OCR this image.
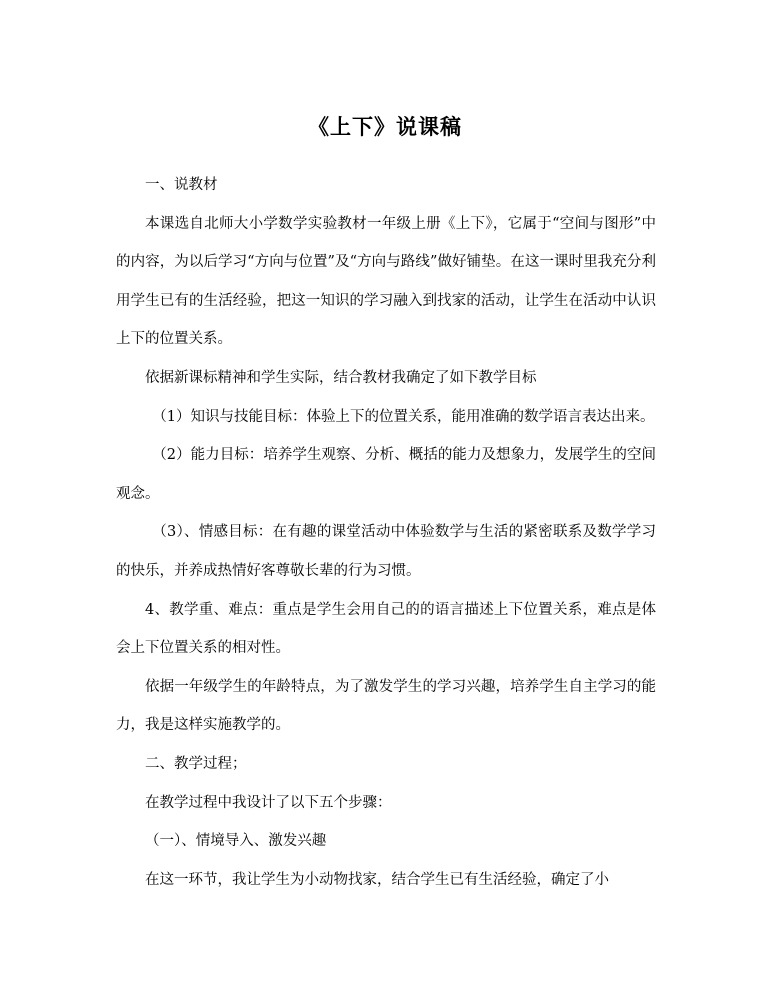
《上下》说课稿

一、说教材

本课选自北师大小学数学实验教材一年级上册《上下》，它属于“空间与图形”中的内容，为以后学习“方向与位置”及“方向与路线”做好铺垫。在这一课时里我充分利用学生已有的生活经验，把这一知识的学习融入到找家的活动，让学生在活动中认识上下的位置关系。

依据新课标精神和学生实际，结合教材我确定了如下教学目标

（1）知识与技能目标：体验上下的位置关系，能用准确的数学语言表达出来。

（2）能力目标：培养学生观察、分析、概括的能力及想象力，发展学生的空间观念。

（3）、情感目标：在有趣的课堂活动中体验数学与生活的紧密联系及数学学习的快乐，并养成热情好客尊敬长辈的行为习惯。

4、教学重、难点：重点是学生会用自己的的语言描述上下位置关系，难点是体会上下位置关系的相对性。

依据一年级学生的年龄特点，为了激发学生的学习兴趣，培养学生自主学习的能力，我是这样实施教学的。

二、教学过程；

在教学过程中我设计了以下五个步骤：

（一）、情境导入、激发兴趣

在这一环节，我让学生为小动物找家，结合学生已有生活经验，确定了小
